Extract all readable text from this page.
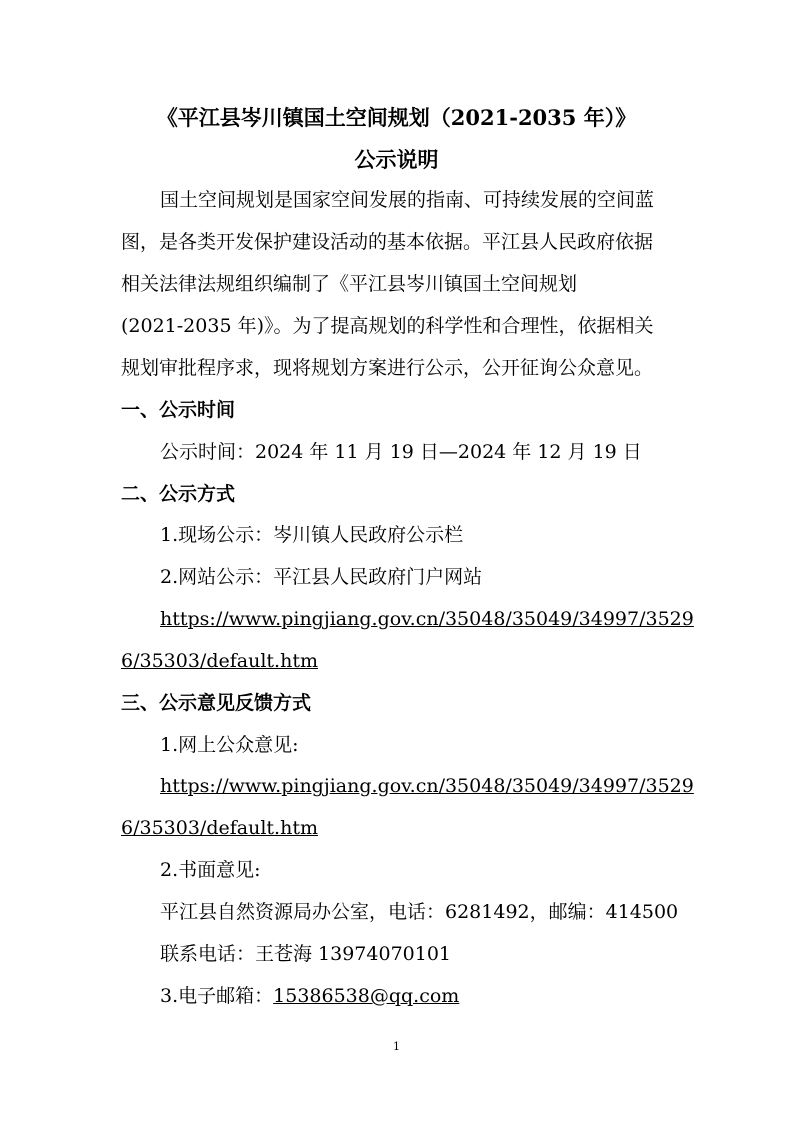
《平江县岑川镇国土空间规划（2021-2035 年）》
公示说明
国土空间规划是国家空间发展的指南、可持续发展的空间蓝
图，是各类开发保护建设活动的基本依据。平江县人民政府依据
相关法律法规组织编制了《平江县岑川镇国土空间规划
(2021-2035 年)》。为了提高规划的科学性和合理性，依据相关
规划审批程序求，现将规划方案进行公示，公开征询公众意见。
一、公示时间
公示时间：2024 年 11 月 19 日—2024 年 12 月 19 日
二、公示方式
1.现场公示：岑川镇人民政府公示栏
2.网站公示：平江县人民政府门户网站
https://www.pingjiang.gov.cn/35048/35049/34997/3529
6/35303/default.htm
三、公示意见反馈方式
1.网上公众意见:
https://www.pingjiang.gov.cn/35048/35049/34997/3529
6/35303/default.htm
2.书面意见:
平江县自然资源局办公室，电话：6281492，邮编：414500
联系电话：王苍海 13974070101
3.电子邮箱：15386538@qq.com
1
